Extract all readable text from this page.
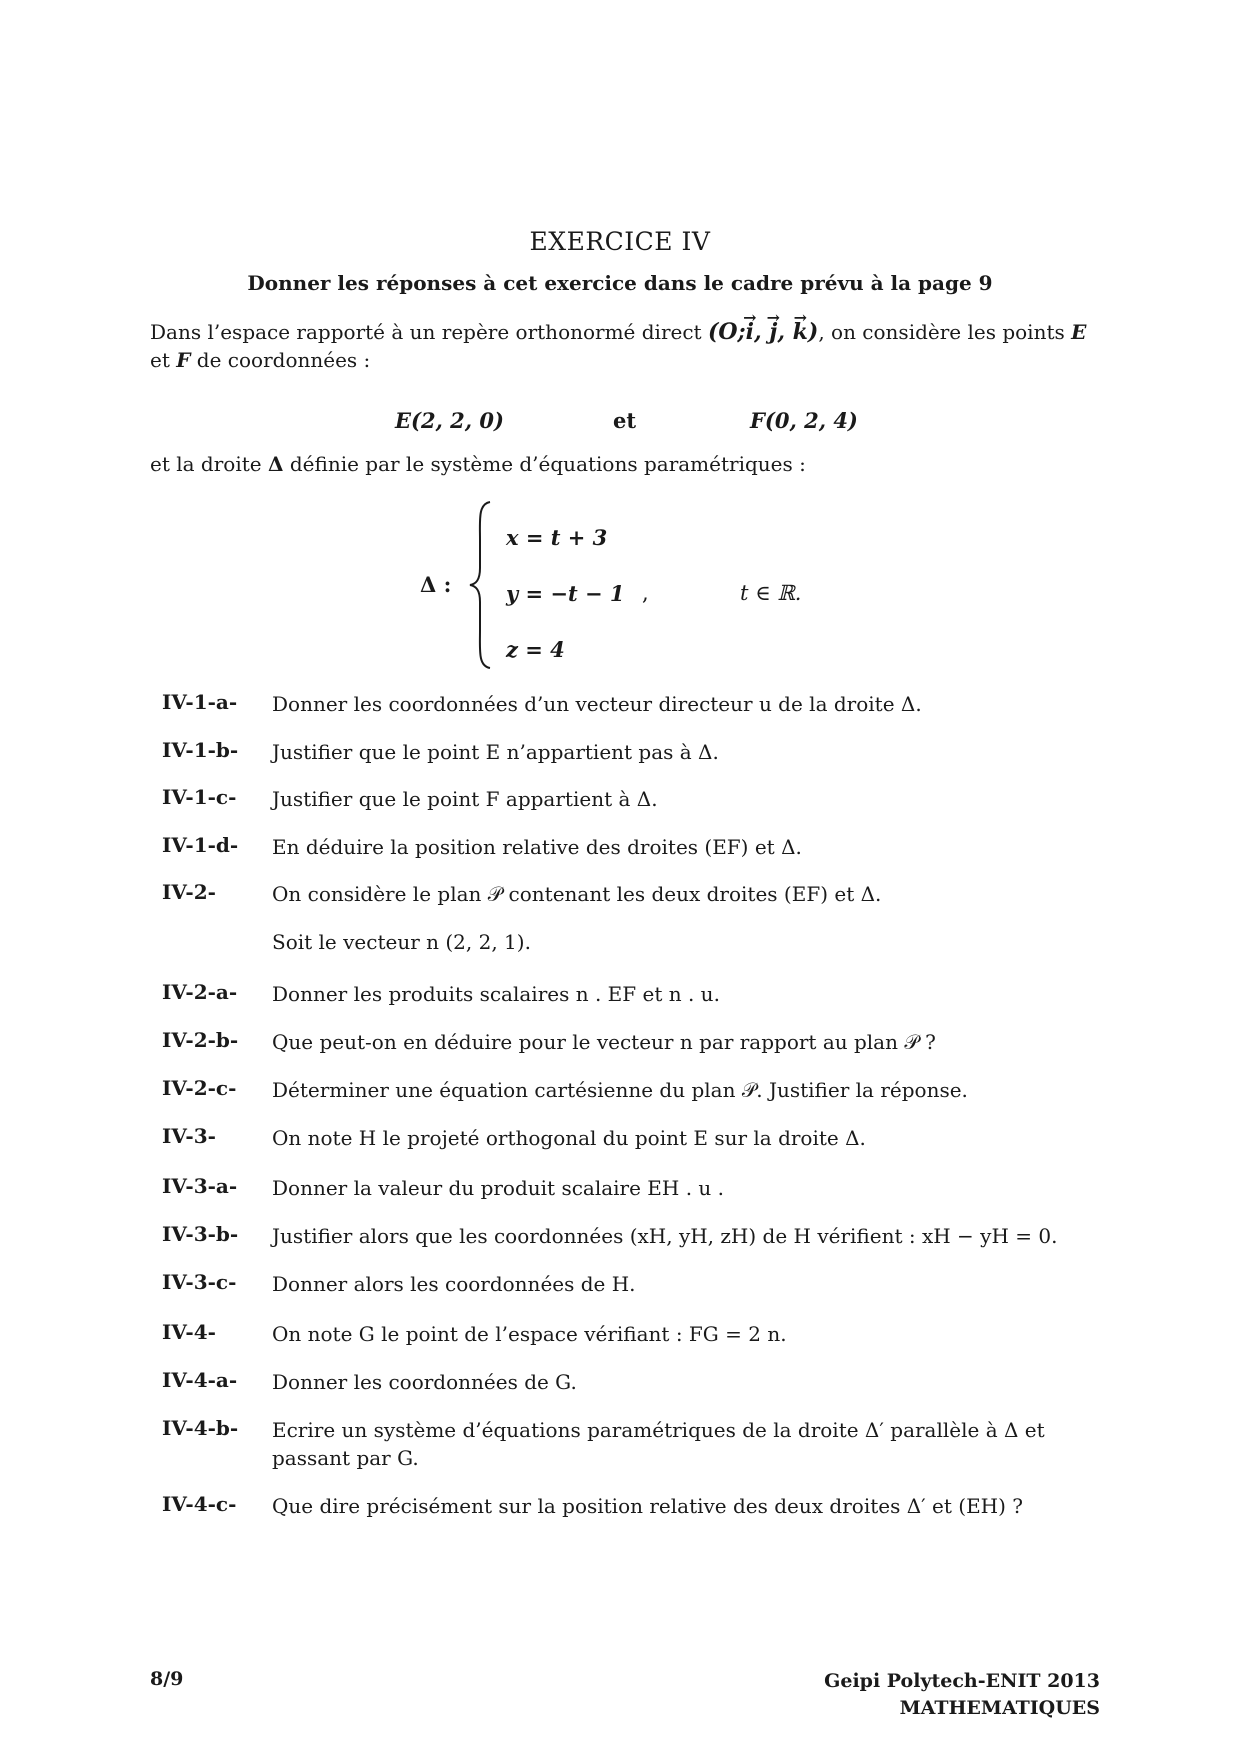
EXERCICE IV
Donner les réponses à cet exercice dans le cadre prévu à la page 9
Dans l’espace rapporté à un repère orthonormé direct (O;→ i, → j, → k), on considère les points E
et F de coordonnées :
E(2, 2, 0)	et	F(0, 2, 4)
et la droite Δ définie par le système d’équations paramétriques :
Δ :
x = t + 3
y = −t − 1 ,	t ∈ ℝ.
z = 4
IV-1-a- Donner les coordonnées d’un vecteur directeur u de la droite Δ.
IV-1-b- Justifier que le point E n’appartient pas à Δ.
IV-1-c- Justifier que le point F appartient à Δ.
IV-1-d- En déduire la position relative des droites (EF) et Δ.
IV-2-	On considère le plan 𝒫 contenant les deux droites (EF) et Δ.
Soit le vecteur n (2, 2, 1).
IV-2-a- Donner les produits scalaires n . EF et n . u.
IV-2-b- Que peut-on en déduire pour le vecteur n par rapport au plan 𝒫 ?
IV-2-c- Déterminer une équation cartésienne du plan 𝒫. Justifier la réponse.
IV-3-	On note H le projeté orthogonal du point E sur la droite Δ.
IV-3-a- Donner la valeur du produit scalaire EH . u .
IV-3-b- Justifier alors que les coordonnées (xH, yH, zH) de H vérifient : xH − yH = 0.
IV-3-c- Donner alors les coordonnées de H.
IV-4-	On note G le point de l’espace vérifiant : FG = 2 n.
IV-4-a- Donner les coordonnées de G.
IV-4-b- Ecrire un système d’équations paramétriques de la droite Δ′ parallèle à Δ et passant par G.
IV-4-c- Que dire précisément sur la position relative des deux droites Δ′ et (EH) ?
8/9	Geipi Polytech-ENIT 2013
MATHEMATIQUES
